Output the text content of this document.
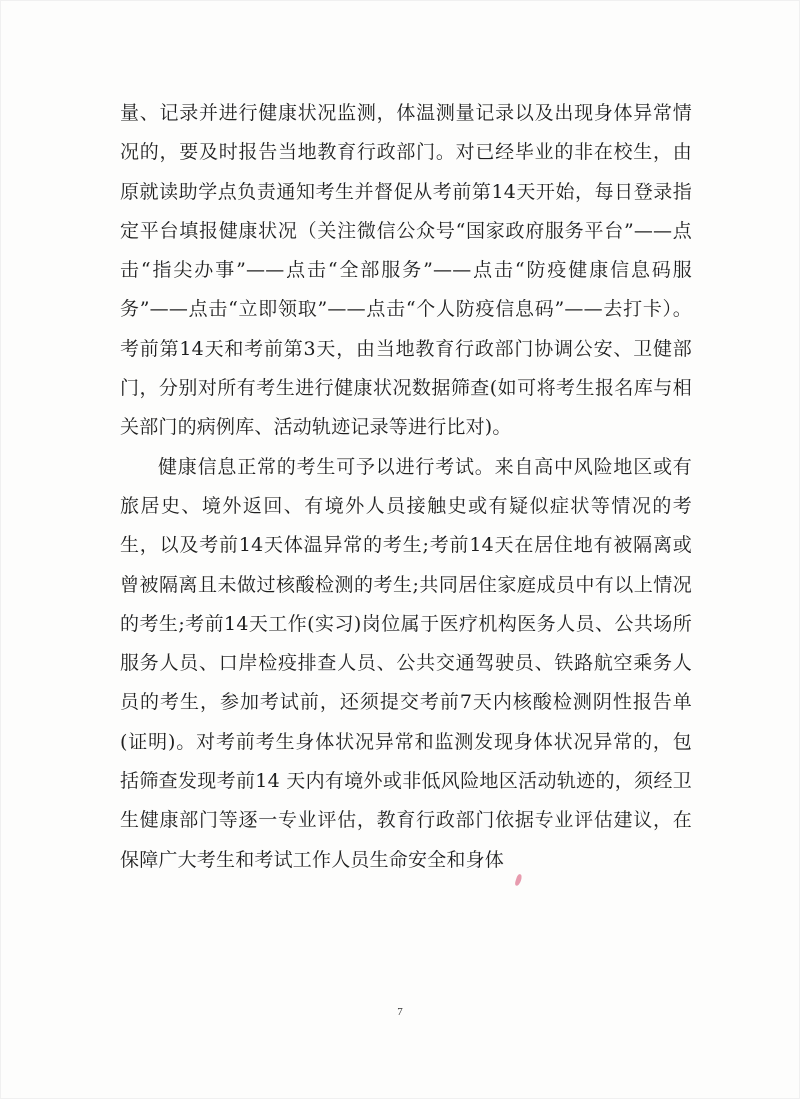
量、记录并进行健康状况监测，体温测量记录以及出现身体异常情况的，要及时报告当地教育行政部门。对已经毕业的非在校生，由原就读助学点负责通知考生并督促从考前第14天开始，每日登录指定平台填报健康状况（关注微信公众号“国家政府服务平台”——点击“指尖办事”——点击“全部服务”——点击“防疫健康信息码服务”——点击“立即领取”——点击“个人防疫信息码”——去打卡）。考前第14天和考前第3天，由当地教育行政部门协调公安、卫健部门，分别对所有考生进行健康状况数据筛查(如可将考生报名库与相关部门的病例库、活动轨迹记录等进行比对)。

健康信息正常的考生可予以进行考试。来自高中风险地区或有旅居史、境外返回、有境外人员接触史或有疑似症状等情况的考生，以及考前14天体温异常的考生;考前14天在居住地有被隔离或曾被隔离且未做过核酸检测的考生;共同居住家庭成员中有以上情况的考生;考前14天工作(实习)岗位属于医疗机构医务人员、公共场所服务人员、口岸检疫排查人员、公共交通驾驶员、铁路航空乘务人员的考生，参加考试前，还须提交考前7天内核酸检测阴性报告单(证明)。对考前考生身体状况异常和监测发现身体状况异常的，包括筛查发现考前14 天内有境外或非低风险地区活动轨迹的，须经卫生健康部门等逐一专业评估，教育行政部门依据专业评估建议，在保障广大考生和考试工作人员生命安全和身体

7
